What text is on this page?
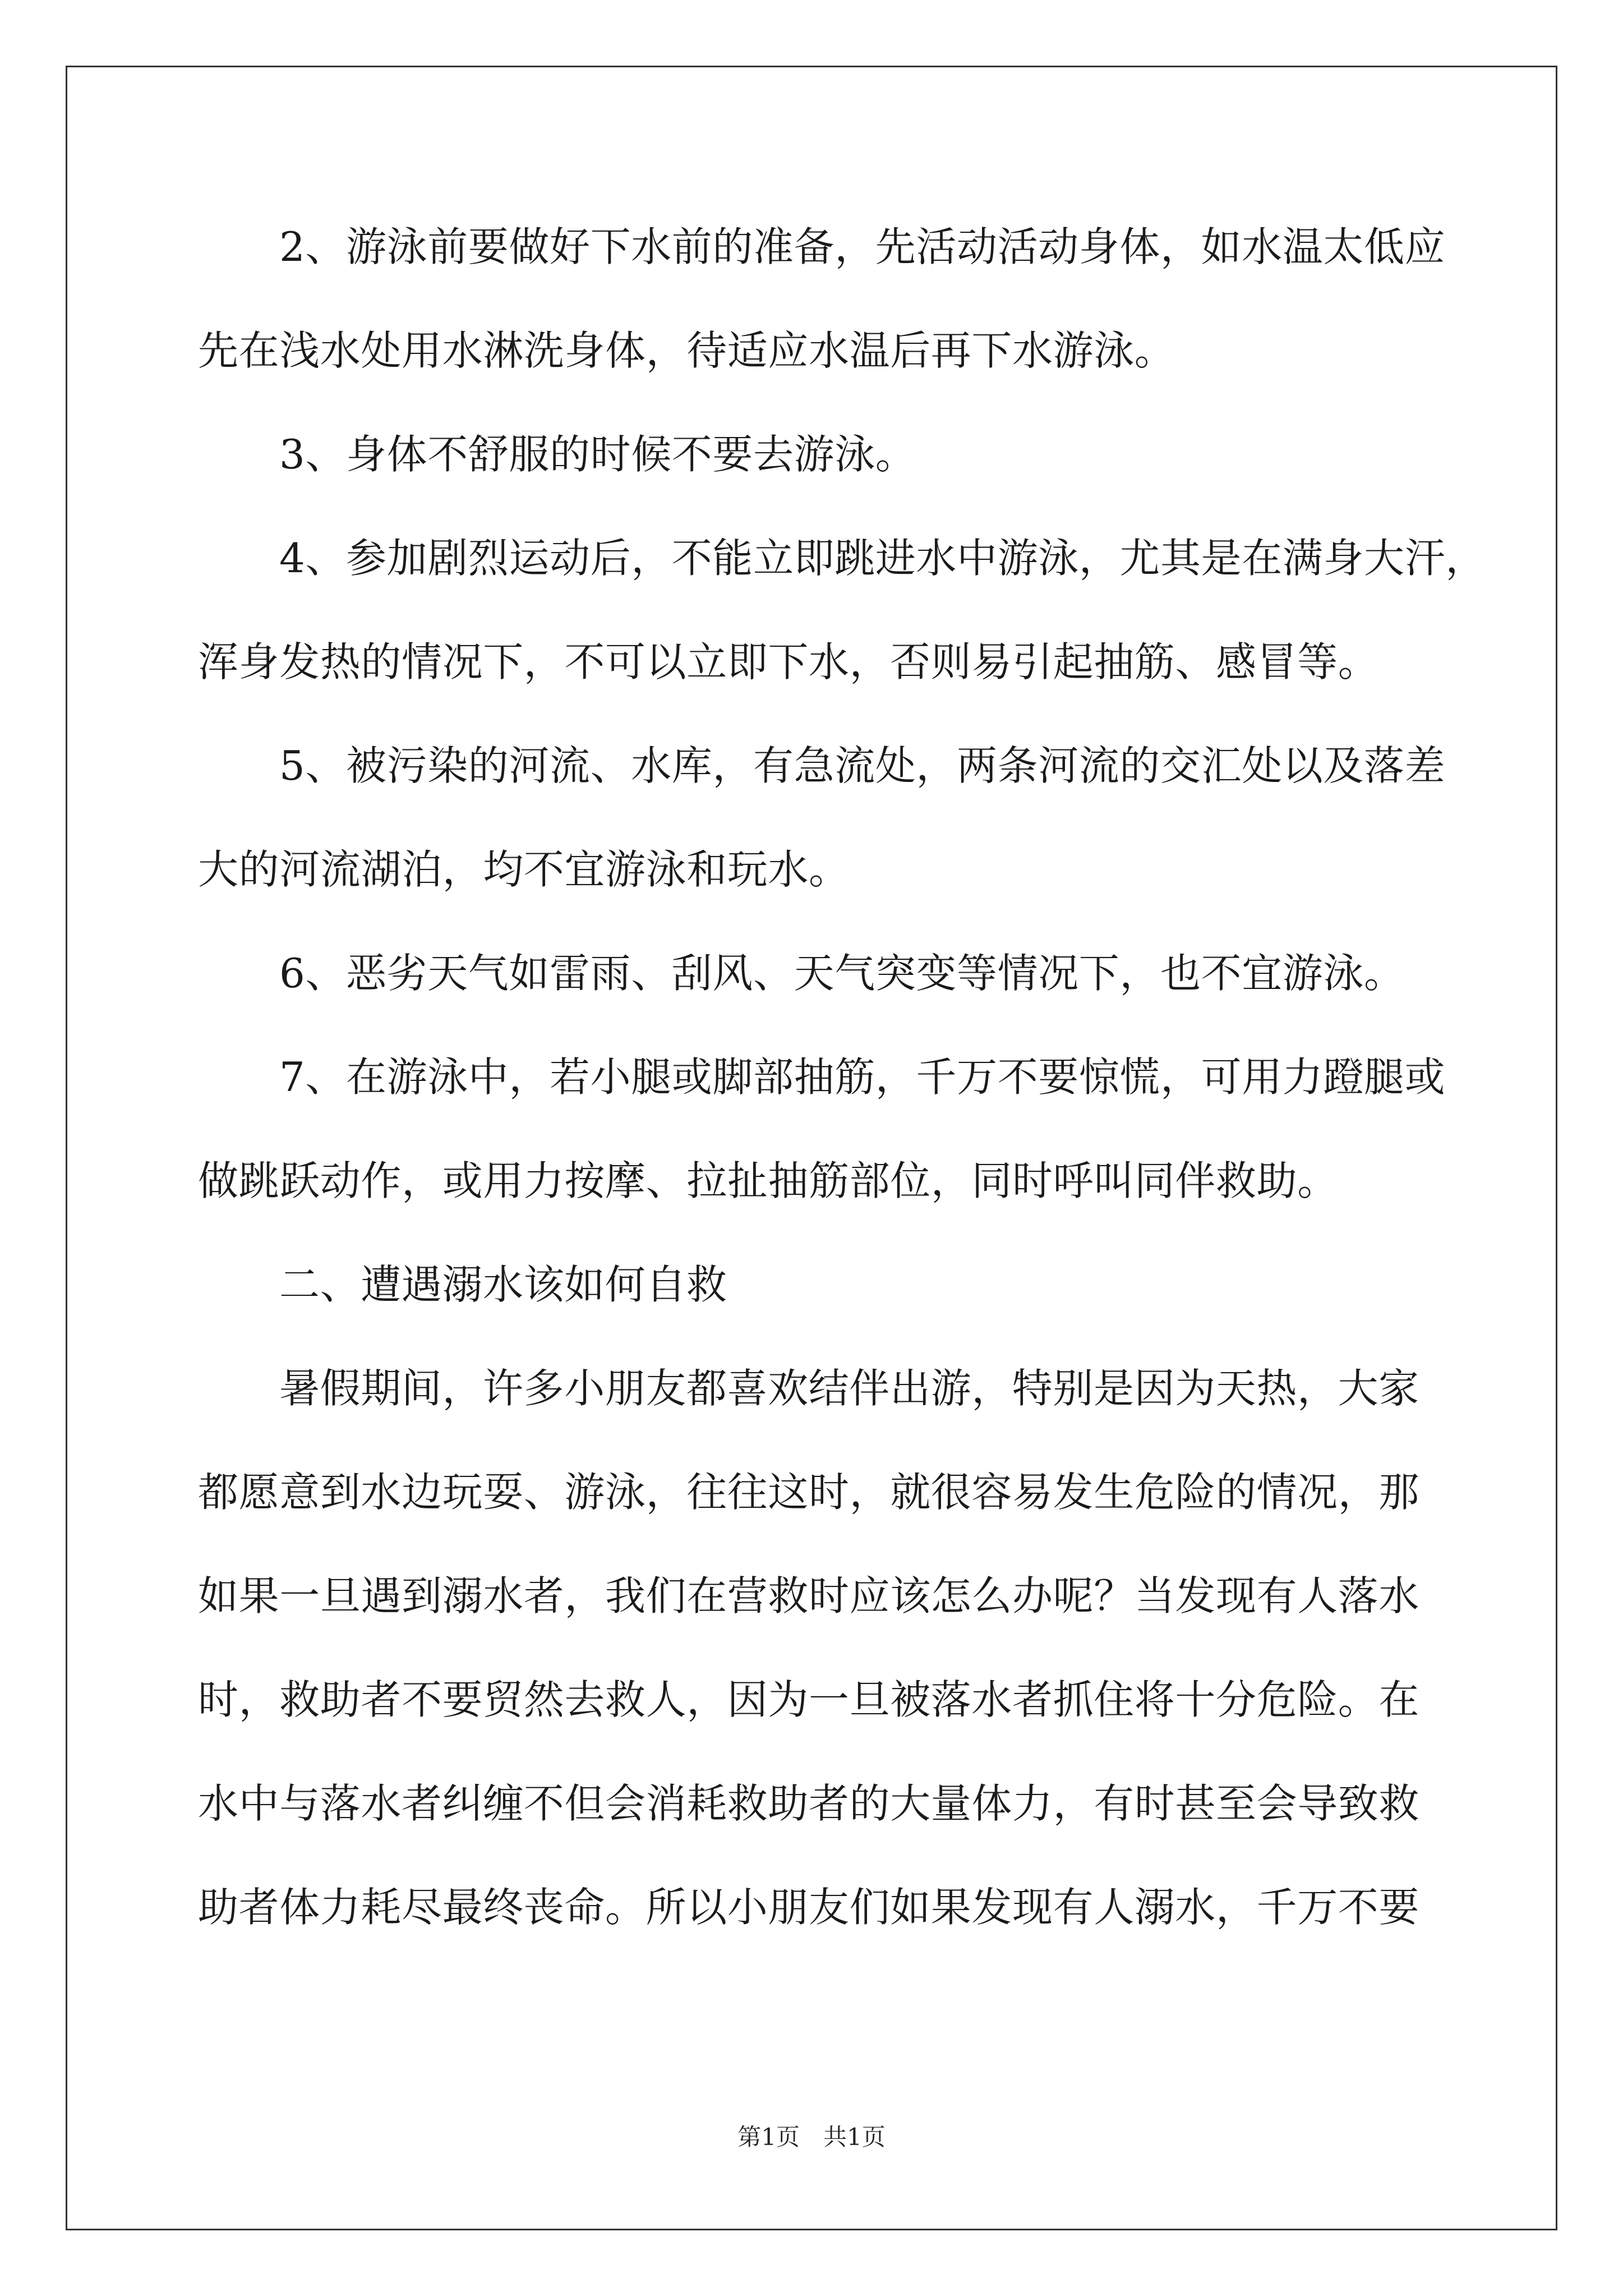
2、游泳前要做好下水前的准备，先活动活动身体，如水温太低应
先在浅水处用水淋洗身体，待适应水温后再下水游泳。
3、身体不舒服的时候不要去游泳。
4、参加剧烈运动后，不能立即跳进水中游泳，尤其是在满身大汗，
浑身发热的情况下，不可以立即下水，否则易引起抽筋、感冒等。
5、被污染的河流、水库，有急流处，两条河流的交汇处以及落差
大的河流湖泊，均不宜游泳和玩水。
6、恶劣天气如雷雨、刮风、天气突变等情况下，也不宜游泳。
7、在游泳中，若小腿或脚部抽筋，千万不要惊慌，可用力蹬腿或
做跳跃动作，或用力按摩、拉扯抽筋部位，同时呼叫同伴救助。
二、遭遇溺水该如何自救
暑假期间，许多小朋友都喜欢结伴出游，特别是因为天热，大家
都愿意到水边玩耍、游泳，往往这时，就很容易发生危险的情况，那
如果一旦遇到溺水者，我们在营救时应该怎么办呢？当发现有人落水
时，救助者不要贸然去救人，因为一旦被落水者抓住将十分危险。在
水中与落水者纠缠不但会消耗救助者的大量体力，有时甚至会导致救
助者体力耗尽最终丧命。所以小朋友们如果发现有人溺水，千万不要
第1页　共1页
